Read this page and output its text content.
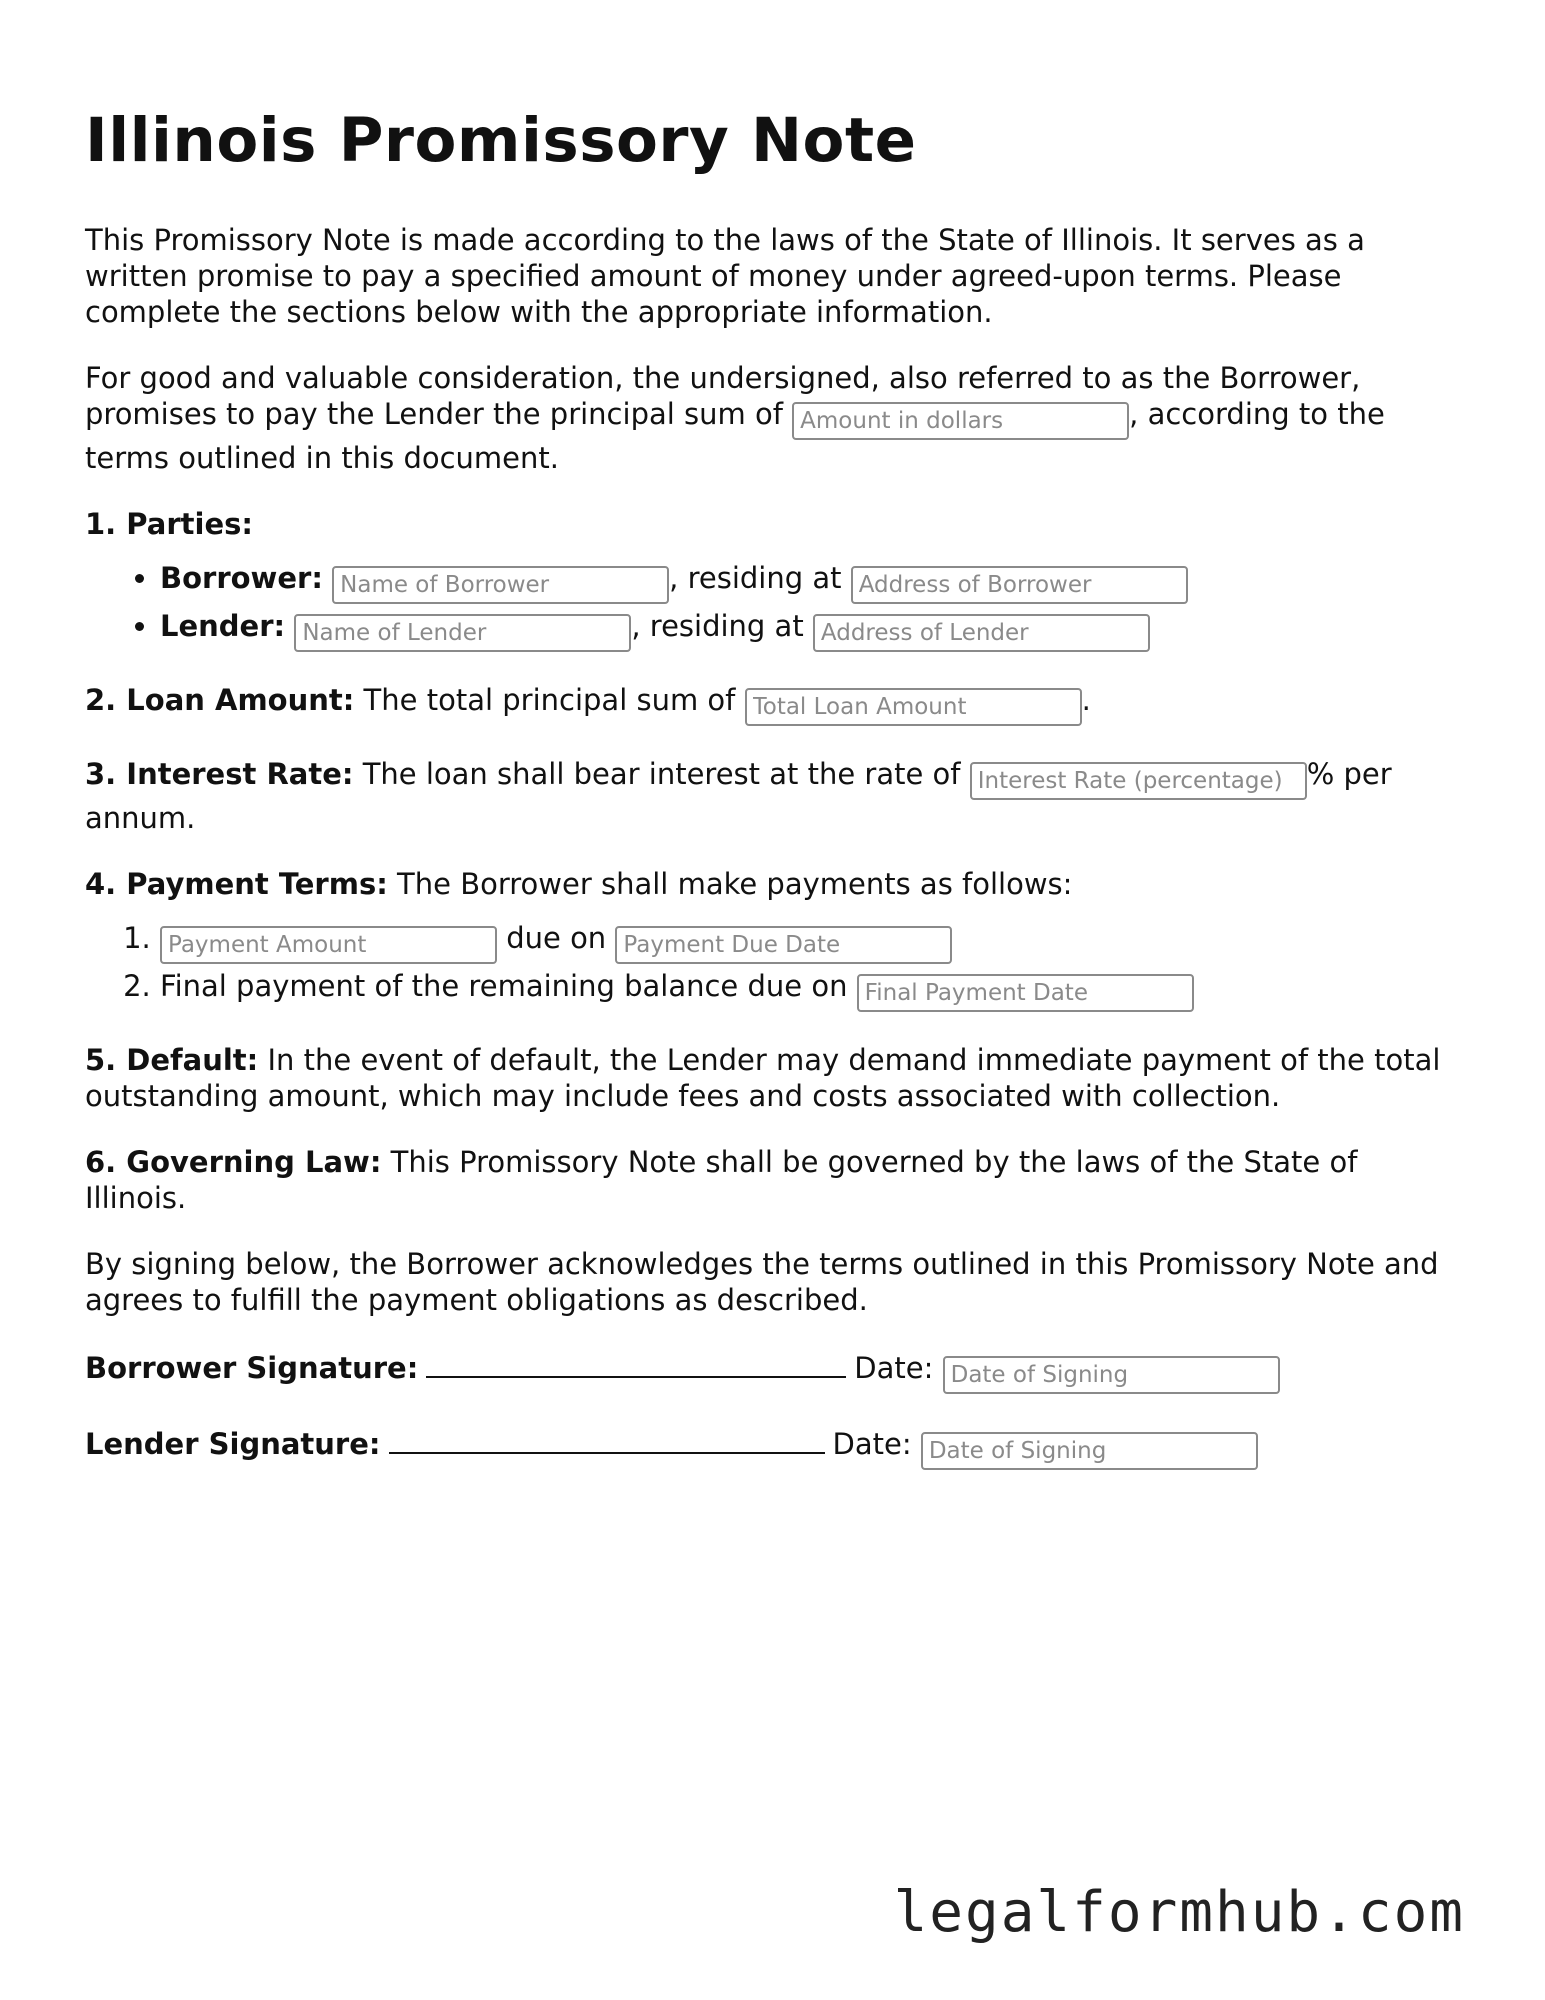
Illinois Promissory Note

This Promissory Note is made according to the laws of the State of Illinois. It serves as a written promise to pay a specified amount of money under agreed-upon terms. Please complete the sections below with the appropriate information.

For good and valuable consideration, the undersigned, also referred to as the Borrower, promises to pay the Lender the principal sum of Amount in dollars	, according to the terms outlined in this document.

1. Parties:
• Borrower: Name of Borrower	, residing at Address of Borrower
• Lender: Name of Lender	, residing at Address of Lender

2. Loan Amount: The total principal sum of Total Loan Amount	.

3. Interest Rate: The loan shall bear interest at the rate of Interest Rate (percentage)	% per annum.

4. Payment Terms: The Borrower shall make payments as follows:
Payment Amount 1. due on Payment Due Date
2. Final payment of the remaining balance due on Final Payment Date

5. Default: In the event of default, the Lender may demand immediate payment of the total outstanding amount, which may include fees and costs associated with collection.

6. Governing Law: This Promissory Note shall be governed by the laws of the State of Illinois.

By signing below, the Borrower acknowledges the terms outlined in this Promissory Note and agrees to fulfill the payment obligations as described.

Borrower Signature:	Date: Date of Signing
Lender Signature:	Date: Date of Signing
legalformhub.com
